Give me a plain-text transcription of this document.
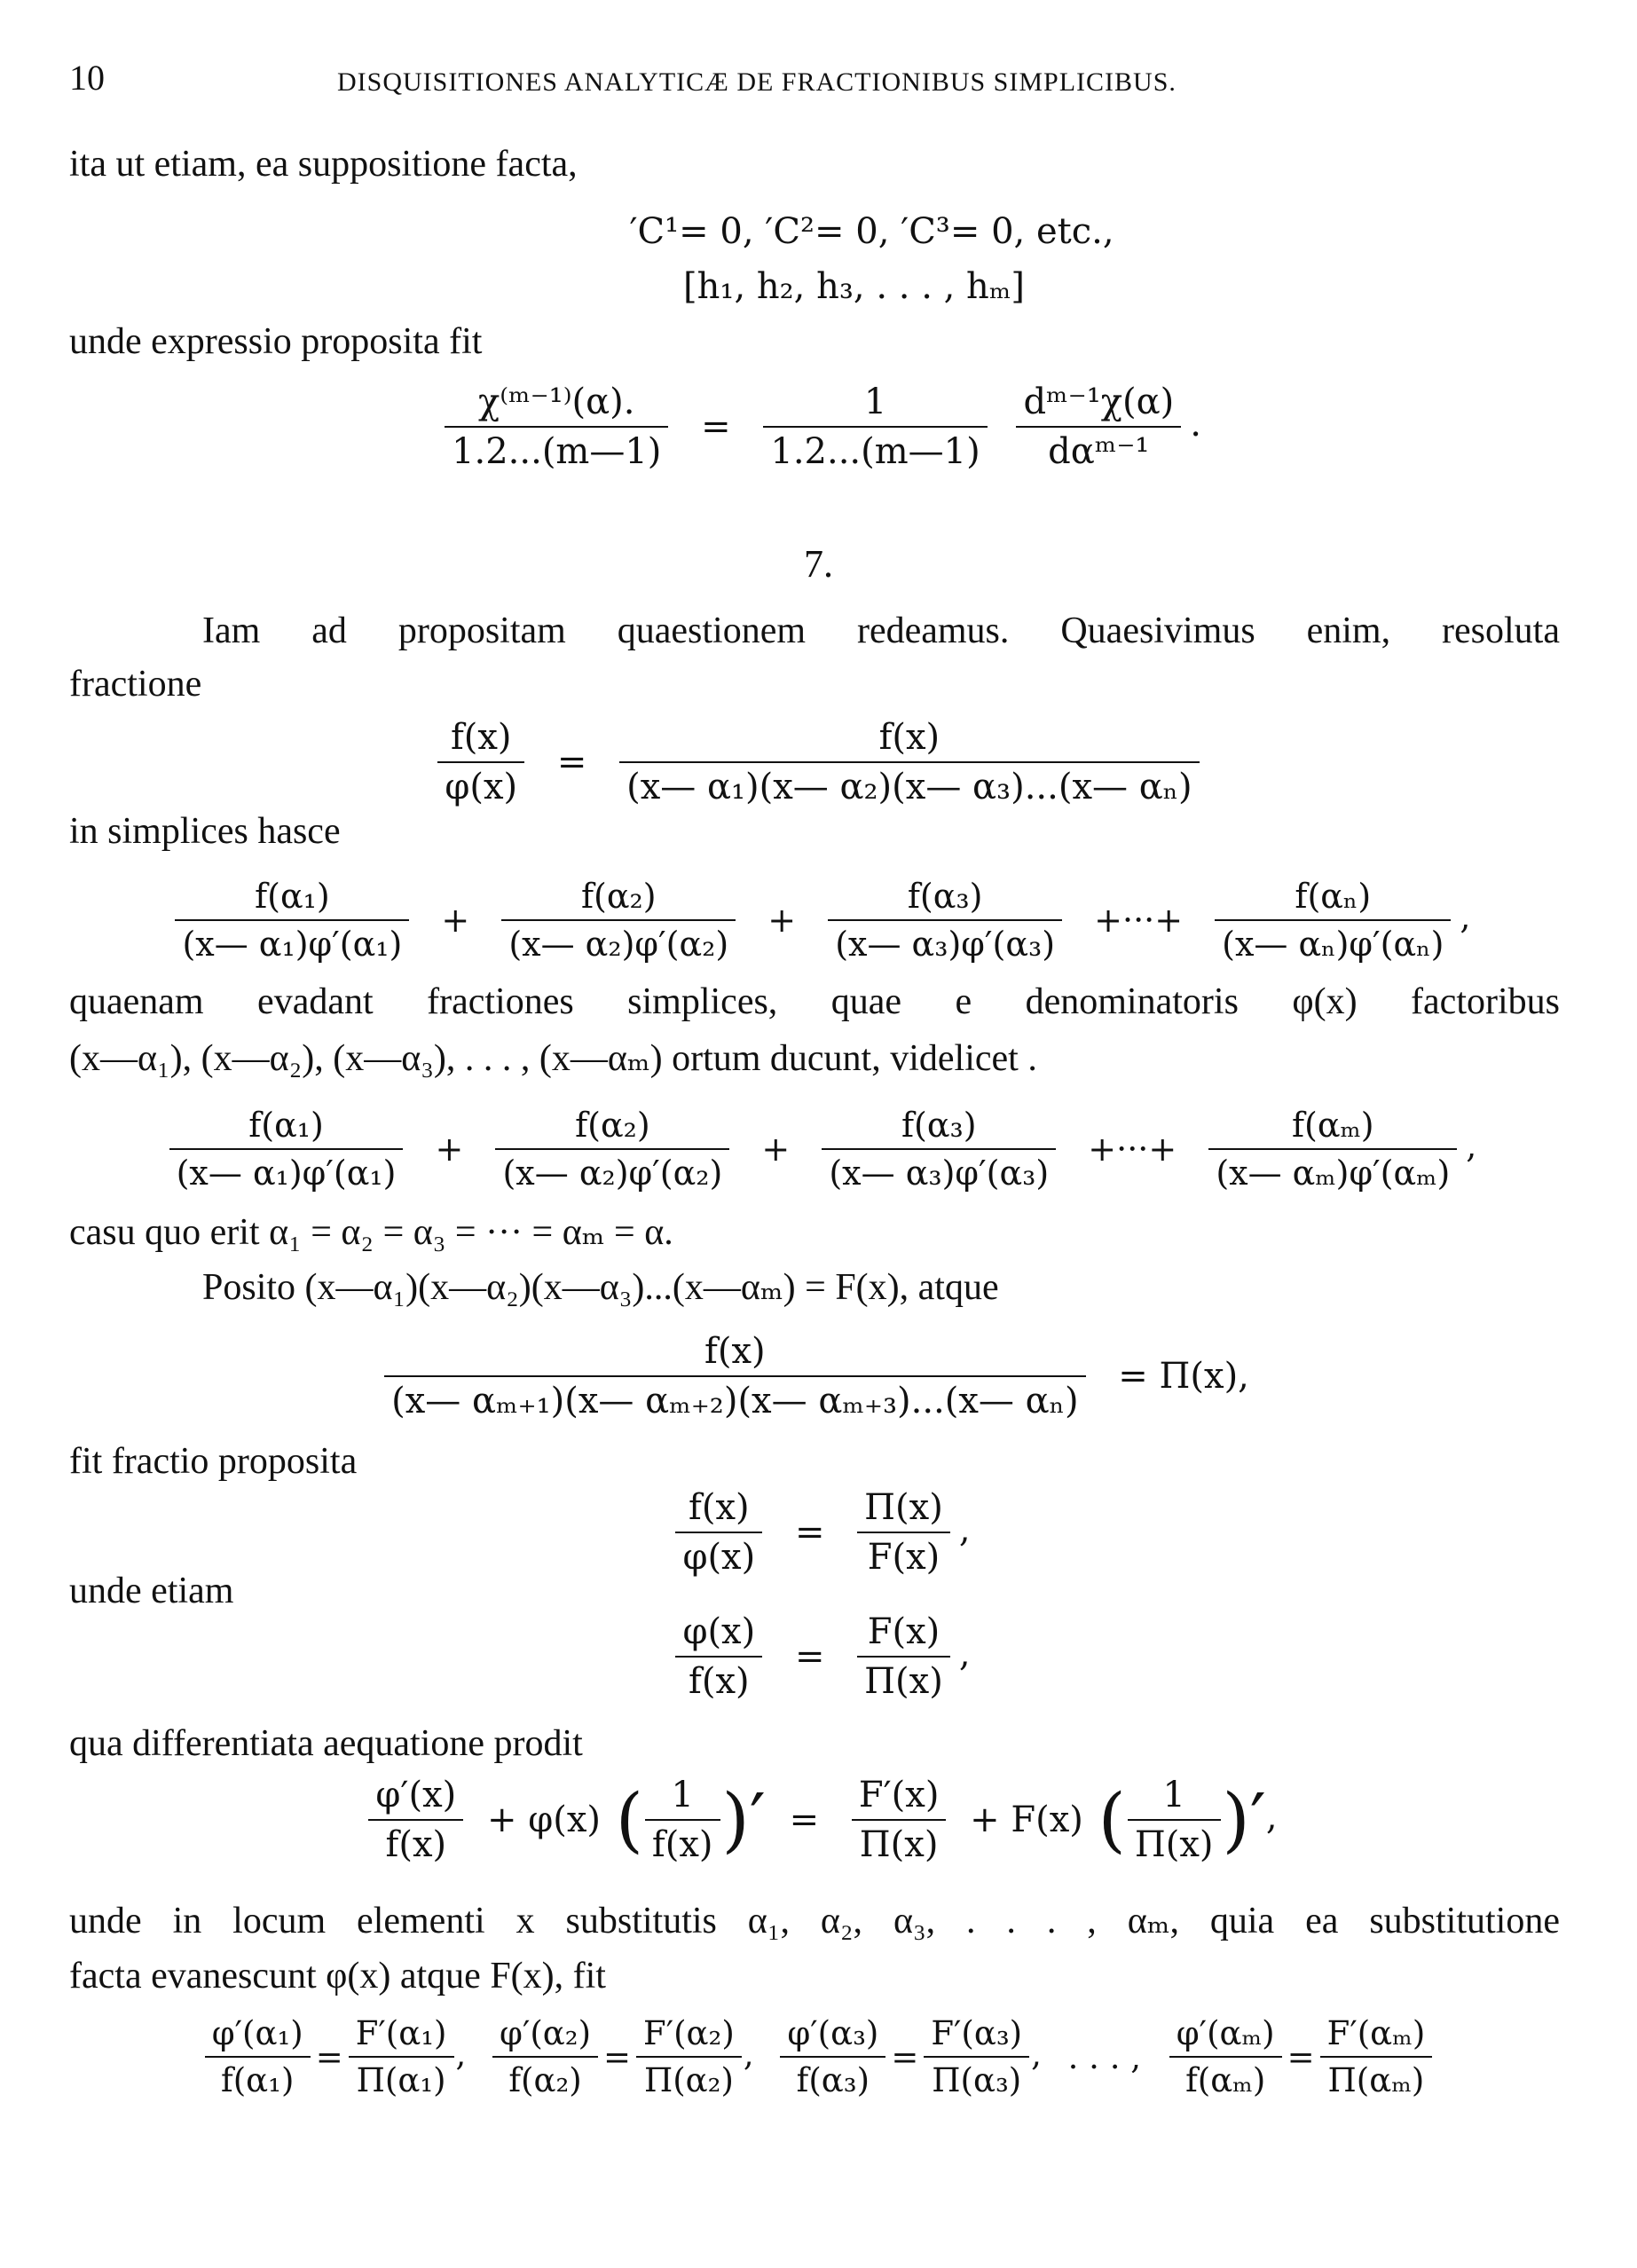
10	DISQUISITIONES ANALYTICÆ DE FRACTIONIBUS SIMPLICIBUS.
ita ut etiam, ea suppositione facta,
′C¹= 0, ′C²= 0, ′C³= 0, etc.,
[h₁, h₂, h₃, . . . , hₘ]
unde expressio proposita fit
$\frac{\text{χ⁽ᵐ⁻¹⁾(α).}}{1.2...(m—1)} = \frac{1}{1.2...(m—1)}$
$\frac{\text{dᵐ⁻¹χ(α)}}{\text{dαᵐ⁻¹}}$ .
7.
Iam ad propositam quaestionem redeamus. Quaesivimus enim, resoluta
fractione
$\frac{f(x)}{\varphi(x)} = \frac{f(x)}{\text{(x— α₁)(x— α₂)(x— α₃)...(x— αₙ)}}$
in simplices hasce
$\frac{\text{f(α₁)}}{\text{(x— α₁)φ′(α₁)}} + \frac{\text{f(α₂)}}{\text{(x— α₂)φ′(α₂)}} + \frac{\text{f(α₃)}}{\text{(x— α₃)φ′(α₃)}}$ +···+ $\frac{\text{f(αₙ)}}{\text{(x— αₙ)φ′(αₙ)}}$ ,
quaenam evadant fractiones simplices, quae e denominatoris φ(x) factoribus
(x—α₁), (x—α₂), (x—α₃), . . . , (x—αₘ) ortum ducunt, videlicet .
$\frac{\text{f(α₁)}}{\text{(x— α₁)φ′(α₁)}} + \frac{\text{f(α₂)}}{\text{(x— α₂)φ′(α₂)}} + \frac{\text{f(α₃)}}{\text{(x— α₃)φ′(α₃)}}$ +···+ $\frac{\text{f(αₘ)}}{\text{(x— αₘ)φ′(αₘ)}}$ ,
casu quo erit α₁ = α₂ = α₃ = ··· = αₘ = α.
Posito (x—α₁)(x—α₂)(x—α₃)...(x—αₘ) = F(x), atque
$\frac{f(x)}{\text{(x— αₘ₊₁)(x— αₘ₊₂)(x— αₘ₊₃)...(x— αₙ)}} = \Pi(x)$,
fit fractio proposita
$\frac{f(x)}{\varphi(x)} = \frac{\Pi(x)}{F(x)}$ ,
unde etiam
$\frac{\varphi(x)}{f(x)} = \frac{F(x)}{\Pi(x)}$ ,
qua differentiata aequatione prodit
$\frac{\varphi'(x)}{f(x)} + \varphi(x)$ ( $\frac{1}{f(x)}$ )′ = $\frac{F'(x)}{\Pi(x)} + F(x)$ ( $\frac{1}{\Pi(x)}$ )′,
unde in locum elementi x substitutis α₁, α₂, α₃, . . . , αₘ, quia ea substitutione
facta evanescunt φ(x) atque F(x), fit
$\frac{\text{φ′(α₁)}}{\text{f(α₁)}} = \frac{\text{F′(α₁)}}{\text{Π(α₁)}}$ , $\frac{\text{φ′(α₂)}}{\text{f(α₂)}} = \frac{\text{F′(α₂)}}{\text{Π(α₂)}}$ , $\frac{\text{φ′(α₃)}}{\text{f(α₃)}} = \frac{\text{F′(α₃)}}{\text{Π(α₃)}}$ , . . . , $\frac{\text{φ′(αₘ)}}{\text{f(αₘ)}} = \frac{\text{F′(αₘ)}}{\text{Π(αₘ)}}$
